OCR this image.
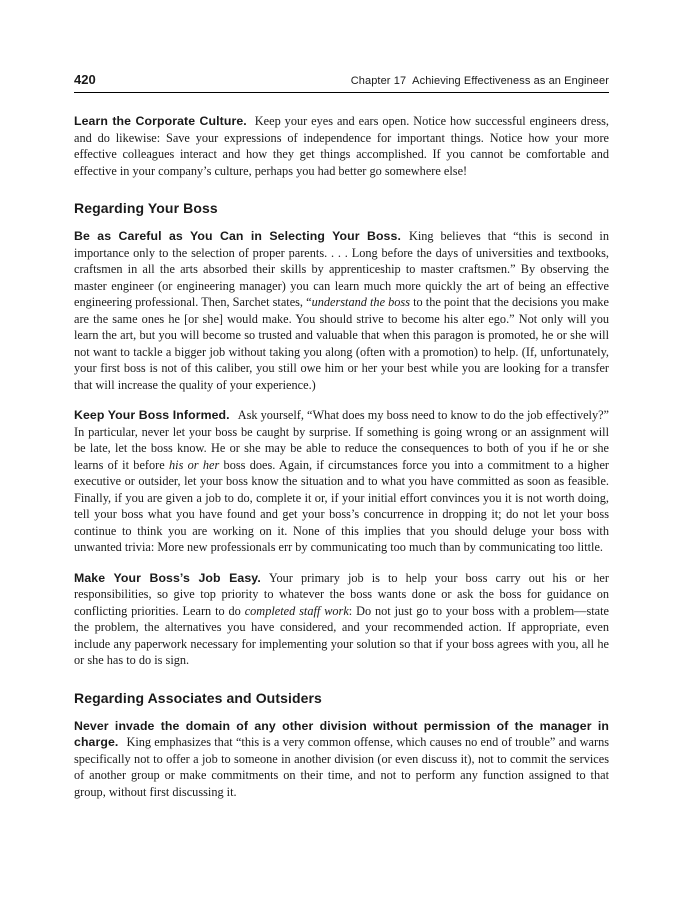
420	Chapter 17 Achieving Effectiveness as an Engineer

Learn the Corporate Culture. Keep your eyes and ears open. Notice how successful engineers dress, and do likewise: Save your expressions of independence for important things. Notice how your more effective colleagues interact and how they get things accomplished. If you cannot be comfortable and effective in your company’s culture, perhaps you had better go somewhere else!

Regarding Your Boss

Be as Careful as You Can in Selecting Your Boss. King believes that “this is second in importance only to the selection of proper parents. . . . Long before the days of universities and textbooks, craftsmen in all the arts absorbed their skills by apprenticeship to master craftsmen.” By observing the master engineer (or engineering manager) you can learn much more quickly the art of being an effective engineering professional. Then, Sarchet states, “understand the boss to the point that the decisions you make are the same ones he [or she] would make. You should strive to become his alter ego.” Not only will you learn the art, but you will become so trusted and valuable that when this paragon is promoted, he or she will not want to tackle a bigger job without taking you along (often with a promotion) to help. (If, unfortunately, your first boss is not of this caliber, you still owe him or her your best while you are looking for a transfer that will increase the quality of your experience.)

Keep Your Boss Informed. Ask yourself, “What does my boss need to know to do the job effectively?” In particular, never let your boss be caught by surprise. If something is going wrong or an assignment will be late, let the boss know. He or she may be able to reduce the consequences to both of you if he or she learns of it before his or her boss does. Again, if circumstances force you into a commitment to a higher executive or outsider, let your boss know the situation and to what you have committed as soon as feasible. Finally, if you are given a job to do, complete it or, if your initial effort convinces you it is not worth doing, tell your boss what you have found and get your boss’s concurrence in dropping it; do not let your boss continue to think you are working on it. None of this implies that you should deluge your boss with unwanted trivia: More new professionals err by communicating too much than by communicating too little.

Make Your Boss’s Job Easy. Your primary job is to help your boss carry out his or her responsibilities, so give top priority to whatever the boss wants done or ask the boss for guidance on conflicting priorities. Learn to do completed staff work: Do not just go to your boss with a problem—state the problem, the alternatives you have considered, and your recommended action. If appropriate, even include any paperwork necessary for implementing your solution so that if your boss agrees with you, all he or she has to do is sign.

Regarding Associates and Outsiders

Never invade the domain of any other division without permission of the manager in charge. King emphasizes that “this is a very common offense, which causes no end of trouble” and warns specifically not to offer a job to someone in another division (or even discuss it), not to commit the services of another group or make commitments on their time, and not to perform any function assigned to that group, without first discussing it.
